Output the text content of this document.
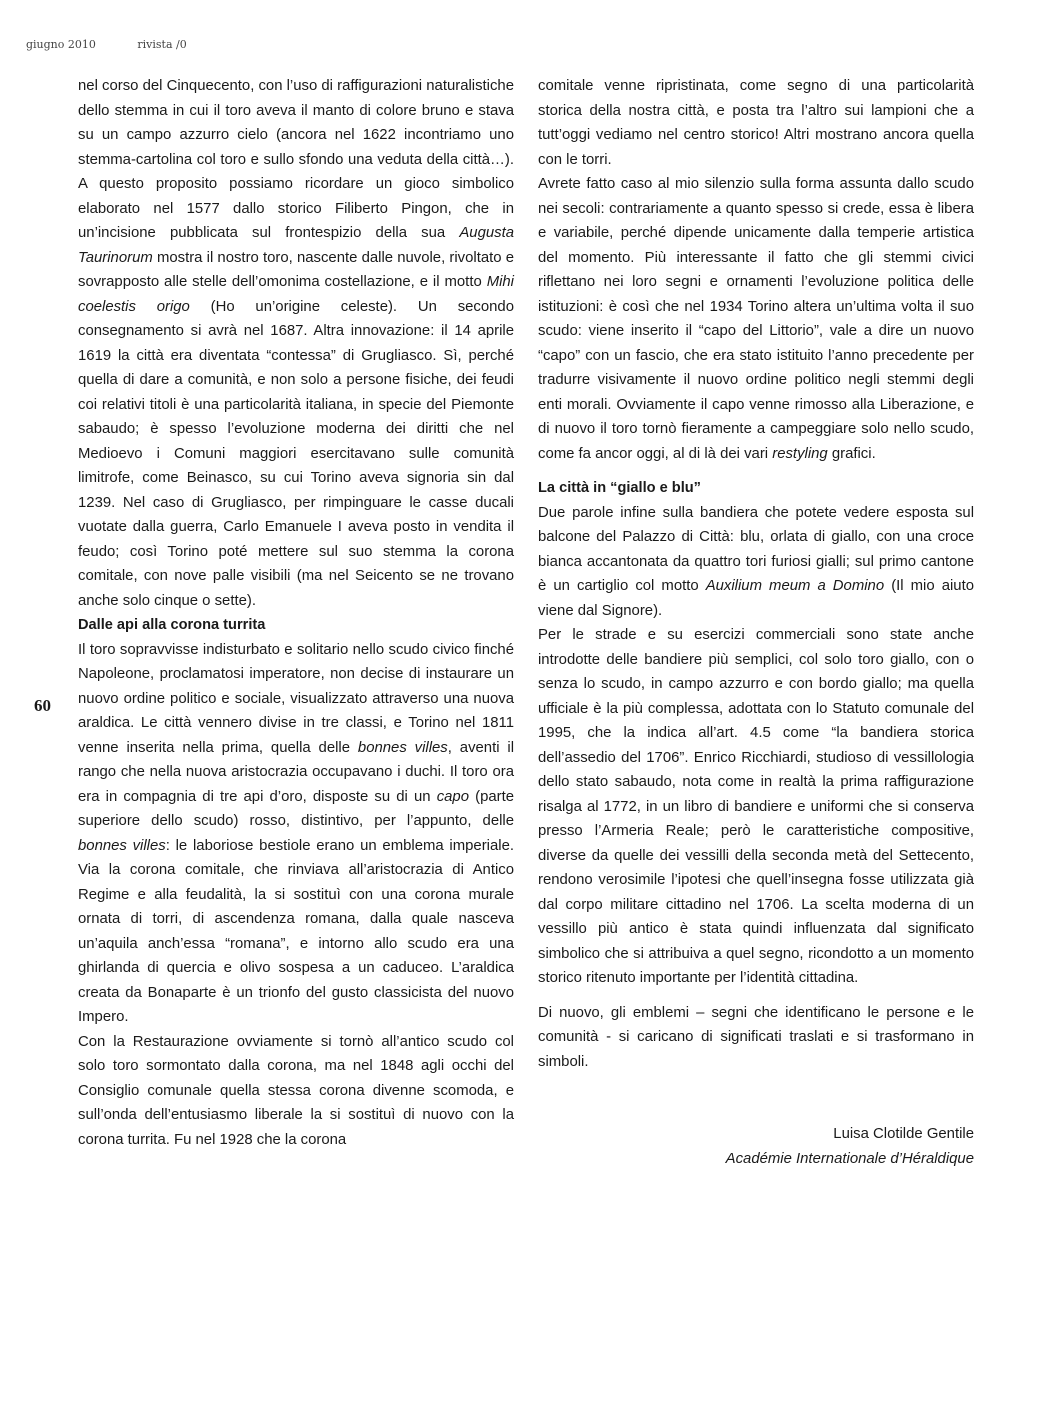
giugno 2010	rivista /0
60

nel corso del Cinquecento, con l’uso di raffigurazioni naturalistiche dello stemma in cui il toro aveva il manto di colore bruno e stava su un campo azzurro cielo (ancora nel 1622 incontriamo uno stemma-cartolina col toro e sullo sfondo una veduta della città…). A questo proposito possiamo ricordare un gioco simbolico elaborato nel 1577 dallo storico Filiberto Pingon, che in un’incisione pubblicata sul frontespizio della sua Augusta Taurinorum mostra il nostro toro, nascente dalle nuvole, rivoltato e sovrapposto alle stelle dell’omonima costellazione, e il motto Mihi coelestis origo (Ho un’origine celeste). Un secondo consegnamento si avrà nel 1687. Altra innovazione: il 14 aprile 1619 la città era diventata “contessa” di Grugliasco. Sì, perché quella di dare a comunità, e non solo a persone fisiche, dei feudi coi relativi titoli è una particolarità italiana, in specie del Piemonte sabaudo; è spesso l’evoluzione moderna dei diritti che nel Medioevo i Comuni maggiori esercitavano sulle comunità limitrofe, come Beinasco, su cui Torino aveva signoria sin dal 1239. Nel caso di Grugliasco, per rimpinguare le casse ducali vuotate dalla guerra, Carlo Emanuele I aveva posto in vendita il feudo; così Torino poté mettere sul suo stemma la corona comitale, con nove palle visibili (ma nel Seicento se ne trovano anche solo cinque o sette).

Dalle api alla corona turrita

Il toro sopravvisse indisturbato e solitario nello scudo civico finché Napoleone, proclamatosi imperatore, non decise di instaurare un nuovo ordine politico e sociale, visualizzato attraverso una nuova araldica. Le città vennero divise in tre classi, e Torino nel 1811 venne inserita nella prima, quella delle bonnes villes, aventi il rango che nella nuova aristocrazia occupavano i duchi. Il toro ora era in compagnia di tre api d’oro, disposte su di un capo (parte superiore dello scudo) rosso, distintivo, per l’appunto, delle bonnes villes: le laboriose bestiole erano un emblema imperiale. Via la corona comitale, che rinviava all’aristocrazia di Antico Regime e alla feudalità, la si sostituì con una corona murale ornata di torri, di ascendenza romana, dalla quale nasceva un’aquila anch’essa “romana”, e intorno allo scudo era una ghirlanda di quercia e olivo sospesa a un caduceo. L’araldica creata da Bonaparte è un trionfo del gusto classicista del nuovo Impero.

Con la Restaurazione ovviamente si tornò all’antico scudo col solo toro sormontato dalla corona, ma nel 1848 agli occhi del Consiglio comunale quella stessa corona divenne scomoda, e sull’onda dell’entusiasmo liberale la si sostituì di nuovo con la corona turrita. Fu nel 1928 che la corona

comitale venne ripristinata, come segno di una particolarità storica della nostra città, e posta tra l’altro sui lampioni che a tutt’oggi vediamo nel centro storico! Altri mostrano ancora quella con le torri.

Avrete fatto caso al mio silenzio sulla forma assunta dallo scudo nei secoli: contrariamente a quanto spesso si crede, essa è libera e variabile, perché dipende unicamente dalla temperie artistica del momento. Più interessante il fatto che gli stemmi civici riflettano nei loro segni e ornamenti l’evoluzione politica delle istituzioni: è così che nel 1934 Torino altera un’ultima volta il suo scudo: viene inserito il “capo del Littorio”, vale a dire un nuovo “capo” con un fascio, che era stato istituito l’anno precedente per tradurre visivamente il nuovo ordine politico negli stemmi degli enti morali. Ovviamente il capo venne rimosso alla Liberazione, e di nuovo il toro tornò fieramente a campeggiare solo nello scudo, come fa ancor oggi, al di là dei vari restyling grafici.

La città in “giallo e blu”

Due parole infine sulla bandiera che potete vedere esposta sul balcone del Palazzo di Città: blu, orlata di giallo, con una croce bianca accantonata da quattro tori furiosi gialli; sul primo cantone è un cartiglio col motto Auxilium meum a Domino (Il mio aiuto viene dal Signore).

Per le strade e su esercizi commerciali sono state anche introdotte delle bandiere più semplici, col solo toro giallo, con o senza lo scudo, in campo azzurro e con bordo giallo; ma quella ufficiale è la più complessa, adottata con lo Statuto comunale del 1995, che la indica all’art. 4.5 come “la bandiera storica dell’assedio del 1706”. Enrico Ricchiardi, studioso di vessillologia dello stato sabaudo, nota come in realtà la prima raffigurazione risalga al 1772, in un libro di bandiere e uniformi che si conserva presso l’Armeria Reale; però le caratteristiche compositive, diverse da quelle dei vessilli della seconda metà del Settecento, rendono verosimile l’ipotesi che quell’insegna fosse utilizzata già dal corpo militare cittadino nel 1706. La scelta moderna di un vessillo più antico è stata quindi influenzata dal significato simbolico che si attribuiva a quel segno, ricondotto a un momento storico ritenuto importante per l’identità cittadina.

Di nuovo, gli emblemi – segni che identificano le persone e le comunità - si caricano di significati traslati e si trasformano in simboli.

Luisa Clotilde Gentile
Académie Internationale d’Héraldique
